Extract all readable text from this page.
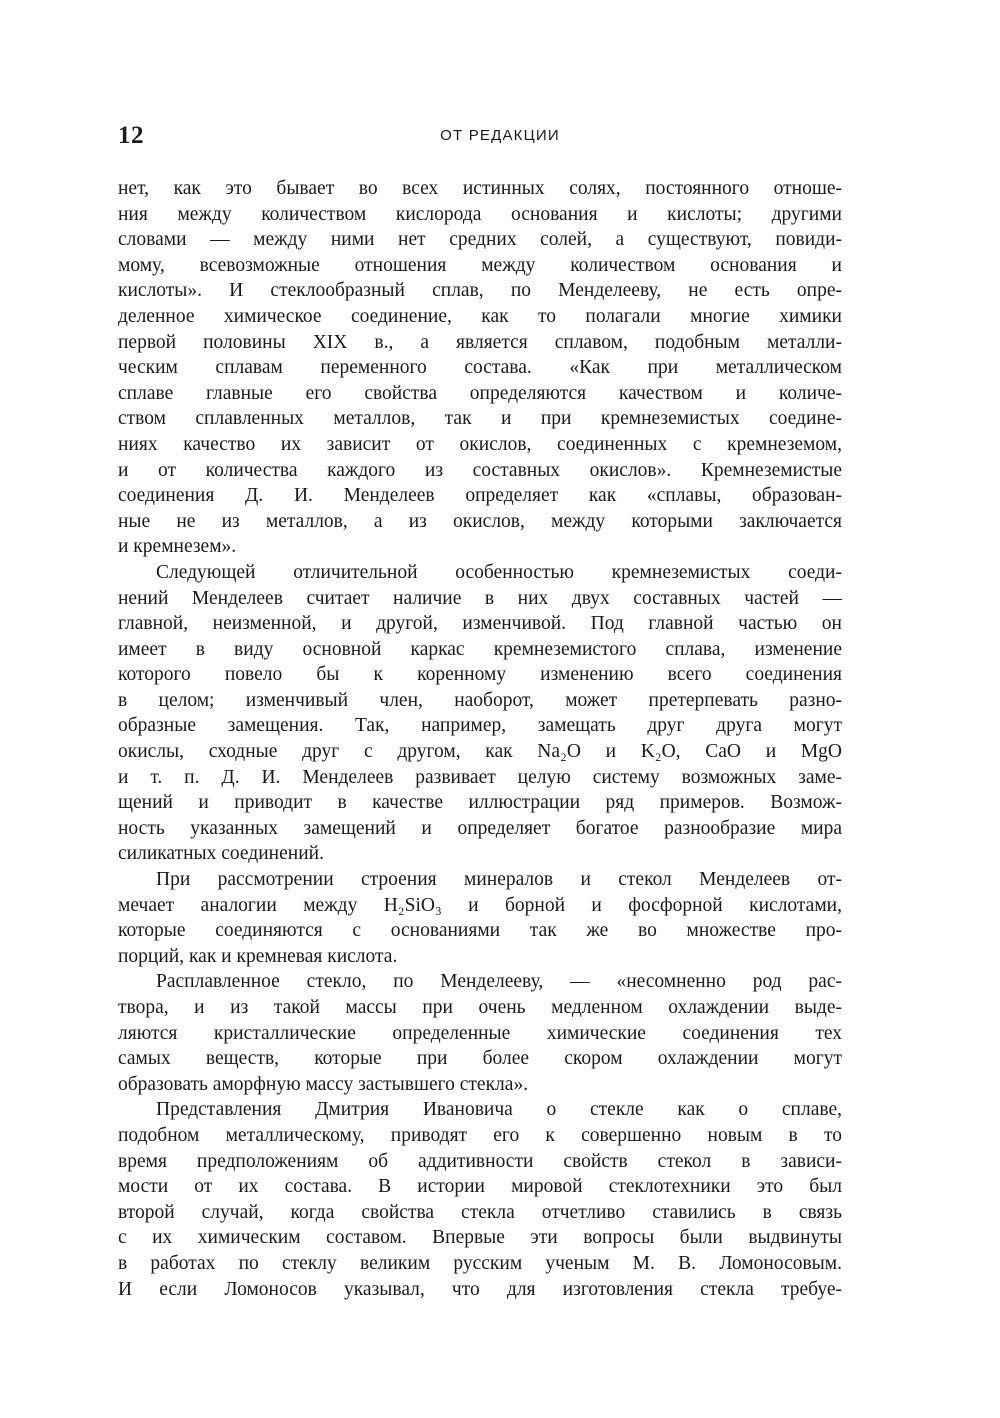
12	ОТ РЕДАКЦИИ
нет, как это бывает во всех истинных солях, постоянного отноше-
ния между количеством кислорода основания и кислоты; другими
словами — между ними нет средних солей, а существуют, повиди-
мому, всевозможные отношения между количеством основания и
кислоты». И стеклообразный сплав, по Менделееву, не есть опре-
деленное химическое соединение, как то полагали многие химики
первой половины XIX в., а является сплавом, подобным металли-
ческим сплавам переменного состава. «Как при металлическом
сплаве главные его свойства определяются качеством и количе-
ством сплавленных металлов, так и при кремнеземистых соедине-
ниях качество их зависит от окислов, соединенных с кремнеземом,
и от количества каждого из составных окислов». Кремнеземистые
соединения Д. И. Менделеев определяет как «сплавы, образован-
ные не из металлов, а из окислов, между которыми заключается
и кремнезем».
Следующей отличительной особенностью кремнеземистых соеди-
нений Менделеев считает наличие в них двух составных частей —
главной, неизменной, и другой, изменчивой. Под главной частью он
имеет в виду основной каркас кремнеземистого сплава, изменение
которого повело бы к коренному изменению всего соединения
в целом; изменчивый член, наоборот, может претерпевать разно-
образные замещения. Так, например, замещать друг друга могут
окислы, сходные друг с другом, как Na₂O и K₂O, CaO и MgO
и т. п. Д. И. Менделеев развивает целую систему возможных заме-
щений и приводит в качестве иллюстрации ряд примеров. Возмож-
ность указанных замещений и определяет богатое разнообразие мира
силикатных соединений.
При рассмотрении строения минералов и стекол Менделеев от-
мечает аналогии между H₂SiO₃ и борной и фосфорной кислотами,
которые соединяются с основаниями так же во множестве про-
порций, как и кремневая кислота.
Расплавленное стекло, по Менделееву, — «несомненно род рас-
твора, и из такой массы при очень медленном охлаждении выде-
ляются кристаллические определенные химические соединения тех
самых веществ, которые при более скором охлаждении могут
образовать аморфную массу застывшего стекла».
Представления Дмитрия Ивановича о стекле как о сплаве,
подобном металлическому, приводят его к совершенно новым в то
время предположениям об аддитивности свойств стекол в зависи-
мости от их состава. В истории мировой стеклотехники это был
второй случай, когда свойства стекла отчетливо ставились в связь
с их химическим составом. Впервые эти вопросы были выдвинуты
в работах по стеклу великим русским ученым М. В. Ломоносовым.
И если Ломоносов указывал, что для изготовления стекла требуе-
